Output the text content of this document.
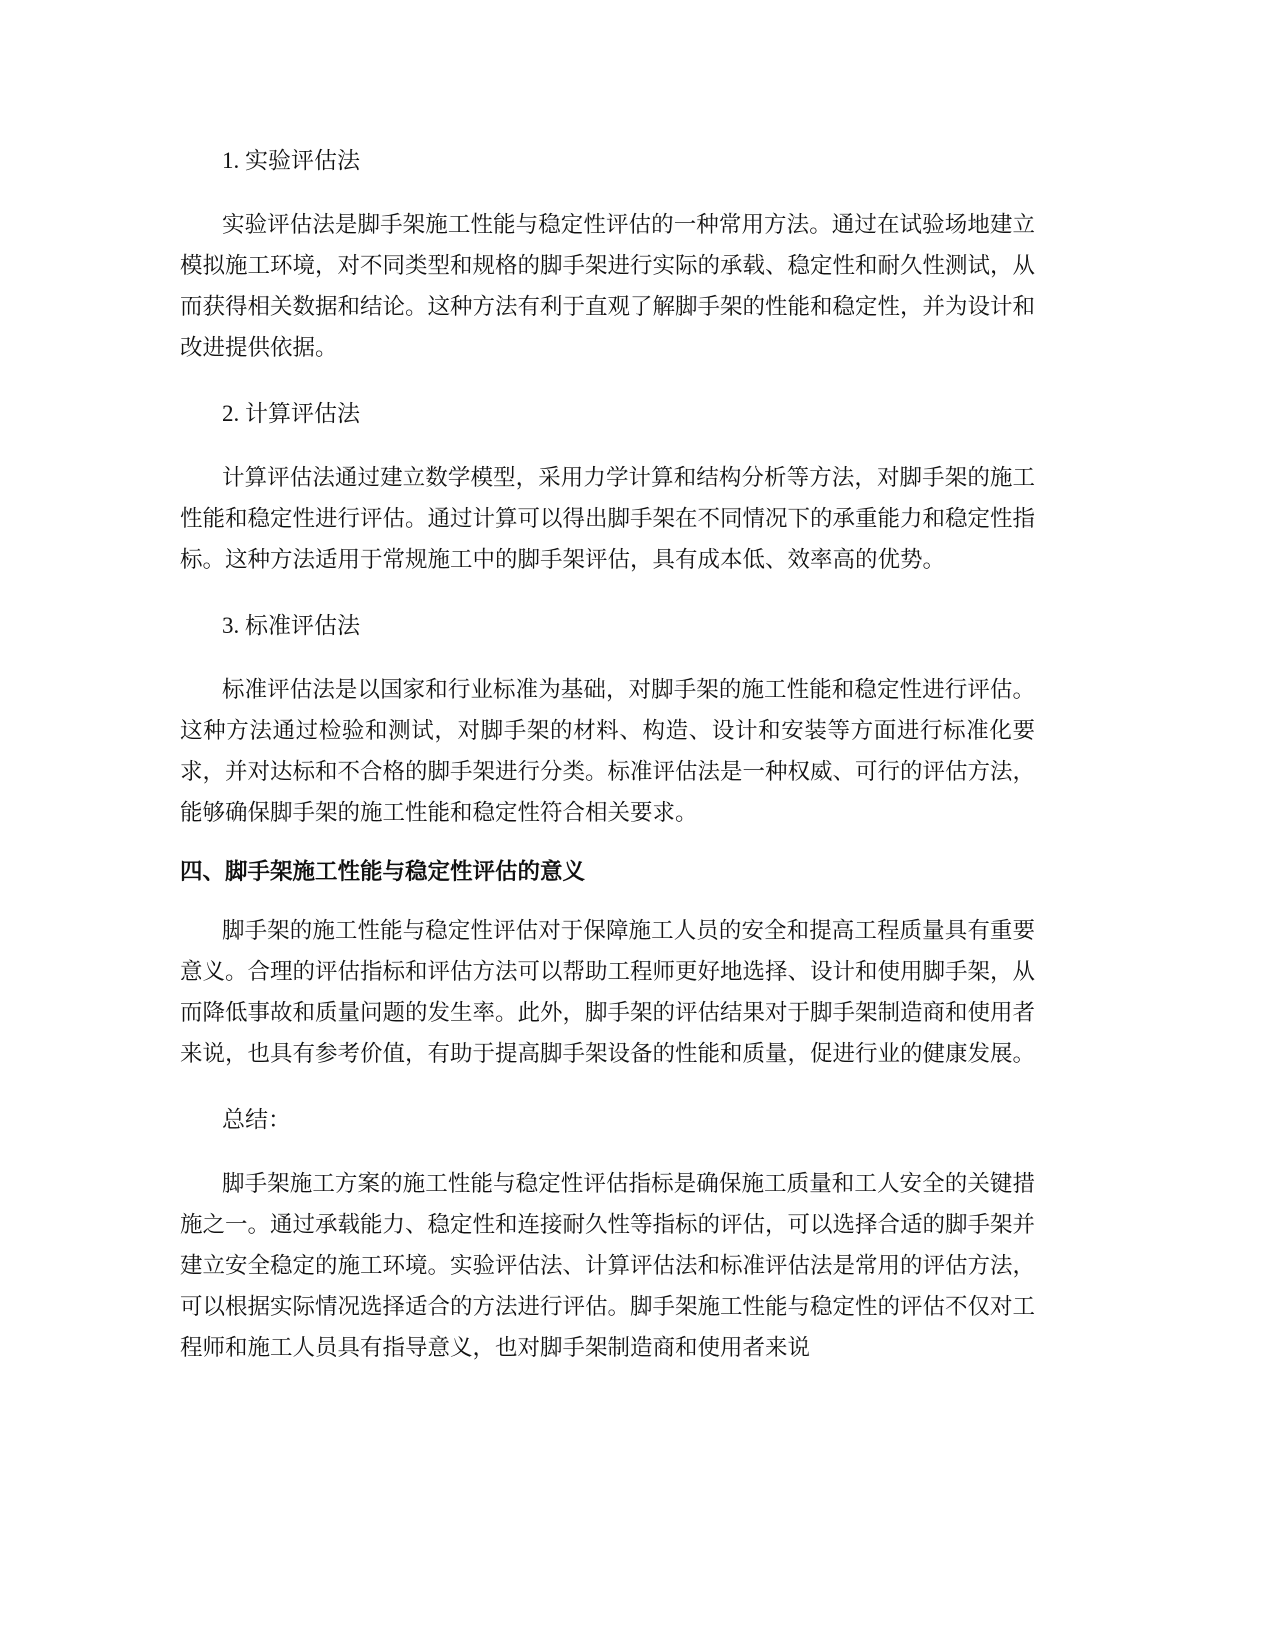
1. 实验评估法

实验评估法是脚手架施工性能与稳定性评估的一种常用方法。通过在试验场地建立模拟施工环境，对不同类型和规格的脚手架进行实际的承载、稳定性和耐久性测试，从而获得相关数据和结论。这种方法有利于直观了解脚手架的性能和稳定性，并为设计和改进提供依据。

2. 计算评估法

计算评估法通过建立数学模型，采用力学计算和结构分析等方法，对脚手架的施工性能和稳定性进行评估。通过计算可以得出脚手架在不同情况下的承重能力和稳定性指标。这种方法适用于常规施工中的脚手架评估，具有成本低、效率高的优势。

3. 标准评估法

标准评估法是以国家和行业标准为基础，对脚手架的施工性能和稳定性进行评估。这种方法通过检验和测试，对脚手架的材料、构造、设计和安装等方面进行标准化要求，并对达标和不合格的脚手架进行分类。标准评估法是一种权威、可行的评估方法，能够确保脚手架的施工性能和稳定性符合相关要求。

四、脚手架施工性能与稳定性评估的意义

脚手架的施工性能与稳定性评估对于保障施工人员的安全和提高工程质量具有重要意义。合理的评估指标和评估方法可以帮助工程师更好地选择、设计和使用脚手架，从而降低事故和质量问题的发生率。此外，脚手架的评估结果对于脚手架制造商和使用者来说，也具有参考价值，有助于提高脚手架设备的性能和质量，促进行业的健康发展。

总结：

脚手架施工方案的施工性能与稳定性评估指标是确保施工质量和工人安全的关键措施之一。通过承载能力、稳定性和连接耐久性等指标的评估，可以选择合适的脚手架并建立安全稳定的施工环境。实验评估法、计算评估法和标准评估法是常用的评估方法，可以根据实际情况选择适合的方法进行评估。脚手架施工性能与稳定性的评估不仅对工程师和施工人员具有指导意义，也对脚手架制造商和使用者来说
